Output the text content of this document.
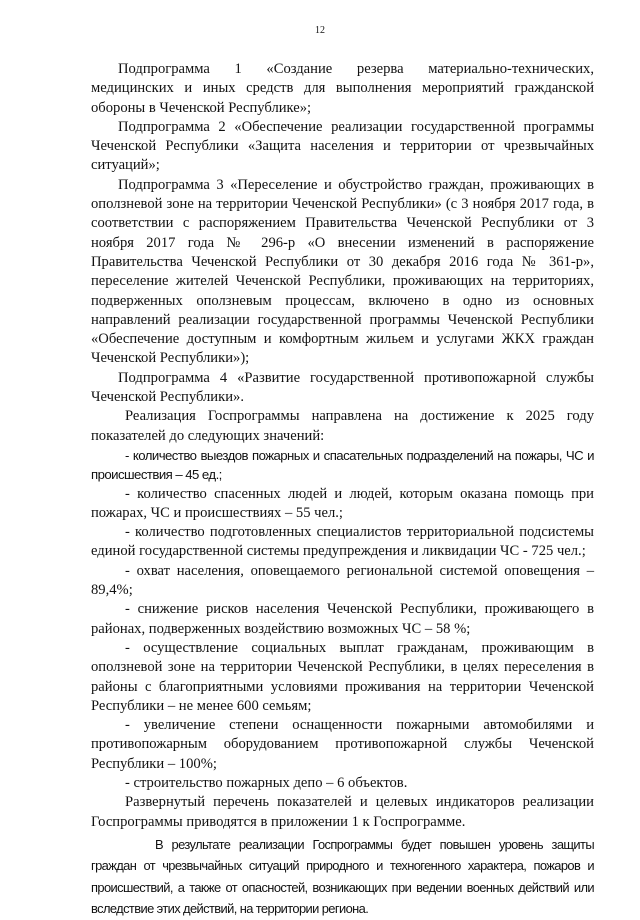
12

Подпрограмма 1 «Создание резерва материально-технических, медицинских и иных средств для выполнения мероприятий гражданской обороны в Чеченской Республике»;

Подпрограмма 2 «Обеспечение реализации государственной программы Чеченской Республики «Защита населения и территории от чрезвычайных ситуаций»;

Подпрограмма 3 «Переселение и обустройство граждан, проживающих в оползневой зоне на территории Чеченской Республики» (с 3 ноября 2017 года, в соответствии с распоряжением Правительства Чеченской Республики от 3 ноября 2017 года № 296-р «О внесении изменений в распоряжение Правительства Чеченской Республики от 30 декабря 2016 года № 361-р», переселение жителей Чеченской Республики, проживающих на территориях, подверженных оползневым процессам, включено в одно из основных направлений реализации государственной программы Чеченской Республики «Обеспечение доступным и комфортным жильем и услугами ЖКХ граждан Чеченской Республики»);

Подпрограмма 4 «Развитие государственной противопожарной службы Чеченской Республики».

Реализация Госпрограммы направлена на достижение к 2025 году показателей до следующих значений:

- количество выездов пожарных и спасательных подразделений на пожары, ЧС и происшествия – 45 ед.;

- количество спасенных людей и людей, которым оказана помощь при пожарах, ЧС и происшествиях – 55 чел.;

- количество подготовленных специалистов территориальной подсистемы единой государственной системы предупреждения и ликвидации ЧС - 725 чел.;

- охват населения, оповещаемого региональной системой оповещения – 89,4%;

- снижение рисков населения Чеченской Республики, проживающего в районах, подверженных воздействию возможных ЧС – 58 %;

- осуществление социальных выплат гражданам, проживающим в оползневой зоне на территории Чеченской Республики, в целях переселения в районы с благоприятными условиями проживания на территории Чеченской Республики – не менее 600 семьям;

- увеличение степени оснащенности пожарными автомобилями и противопожарным оборудованием противопожарной службы Чеченской Республики – 100%;

- строительство пожарных депо – 6 объектов.

Развернутый перечень показателей и целевых индикаторов реализации Госпрограммы приводятся в приложении 1 к Госпрограмме.

В результате реализации Госпрограммы будет повышен уровень защиты граждан от чрезвычайных ситуаций природного и техногенного характера, пожаров и происшествий, а также от опасностей, возникающих при ведении военных действий или вследствие этих действий, на территории региона.
